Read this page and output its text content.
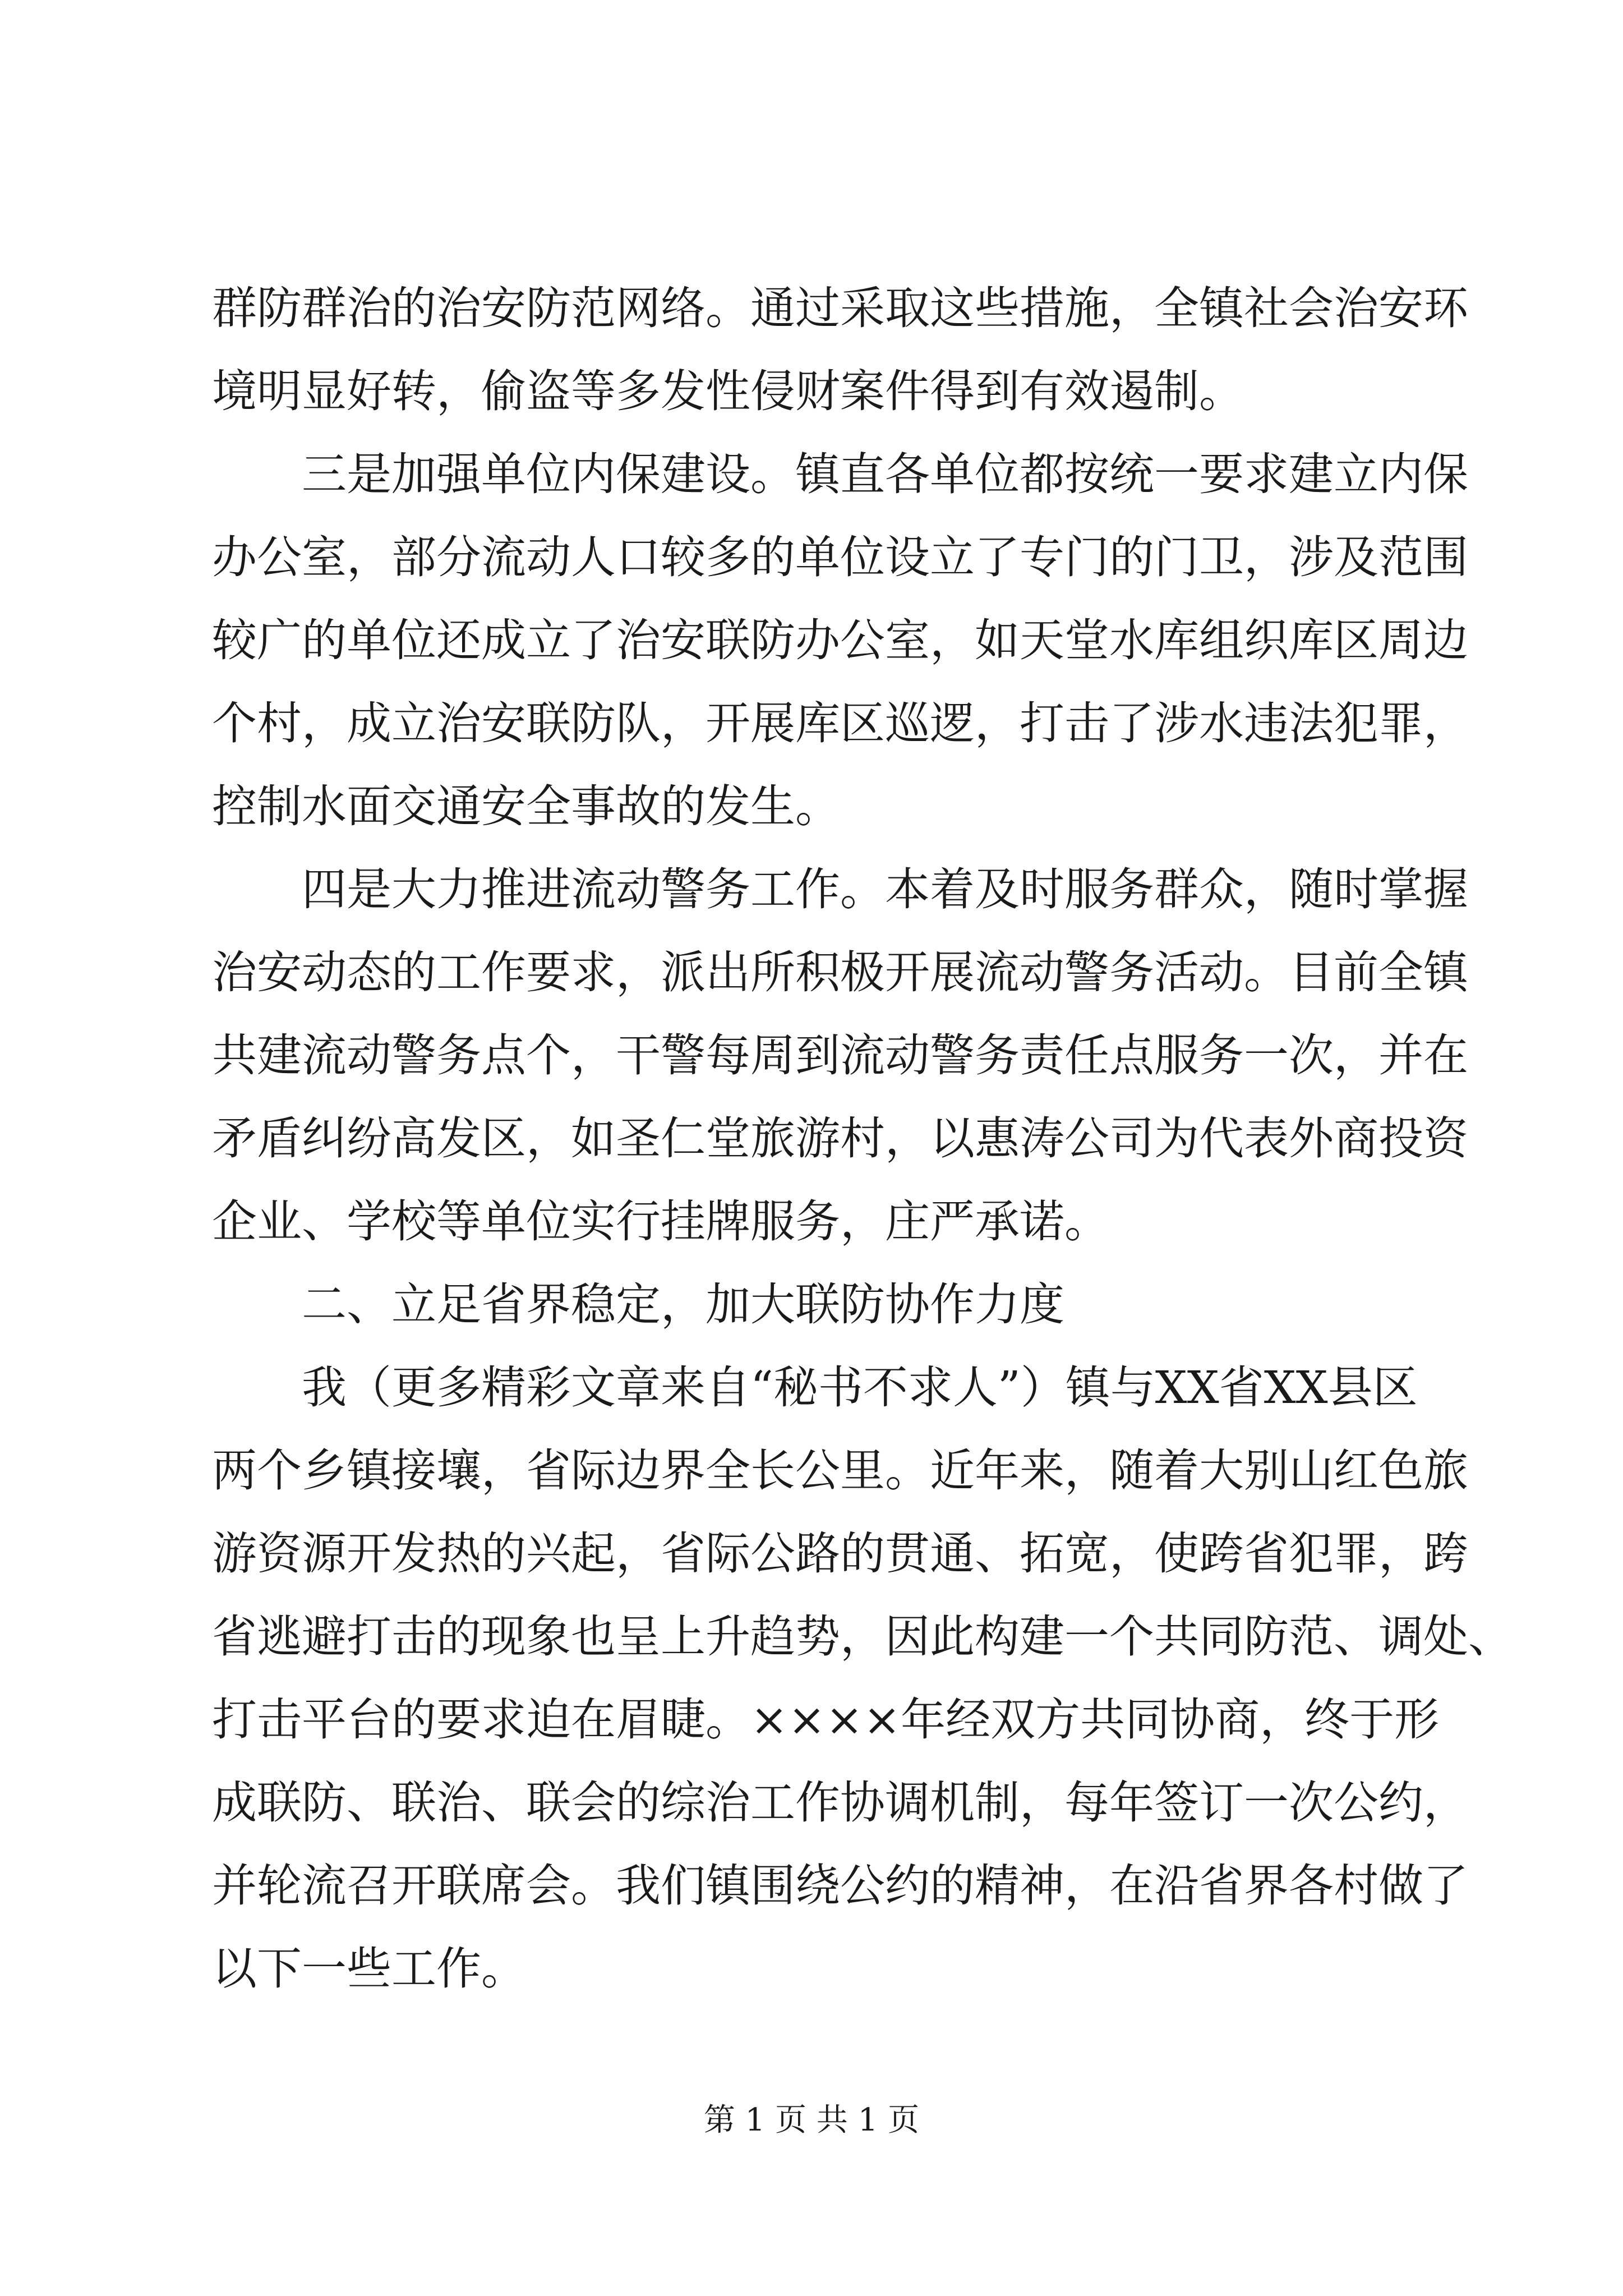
群防群治的治安防范网络。通过采取这些措施，全镇社会治安环
境明显好转，偷盗等多发性侵财案件得到有效遏制。
三是加强单位内保建设。镇直各单位都按统一要求建立内保
办公室，部分流动人口较多的单位设立了专门的门卫，涉及范围
较广的单位还成立了治安联防办公室，如天堂水库组织库区周边
个村，成立治安联防队，开展库区巡逻，打击了涉水违法犯罪，
控制水面交通安全事故的发生。
四是大力推进流动警务工作。本着及时服务群众，随时掌握
治安动态的工作要求，派出所积极开展流动警务活动。目前全镇
共建流动警务点个，干警每周到流动警务责任点服务一次，并在
矛盾纠纷高发区，如圣仁堂旅游村，以惠涛公司为代表外商投资
企业、学校等单位实行挂牌服务，庄严承诺。
二、立足省界稳定，加大联防协作力度
我（更多精彩文章来自“秘书不求人”）镇与XX省XX县区
两个乡镇接壤，省际边界全长公里。近年来，随着大别山红色旅
游资源开发热的兴起，省际公路的贯通、拓宽，使跨省犯罪，跨
省逃避打击的现象也呈上升趋势，因此构建一个共同防范、调处、
打击平台的要求迫在眉睫。××××年经双方共同协商，终于形
成联防、联治、联会的综治工作协调机制，每年签订一次公约，
并轮流召开联席会。我们镇围绕公约的精神，在沿省界各村做了
以下一些工作。
第 1 页 共 1 页
